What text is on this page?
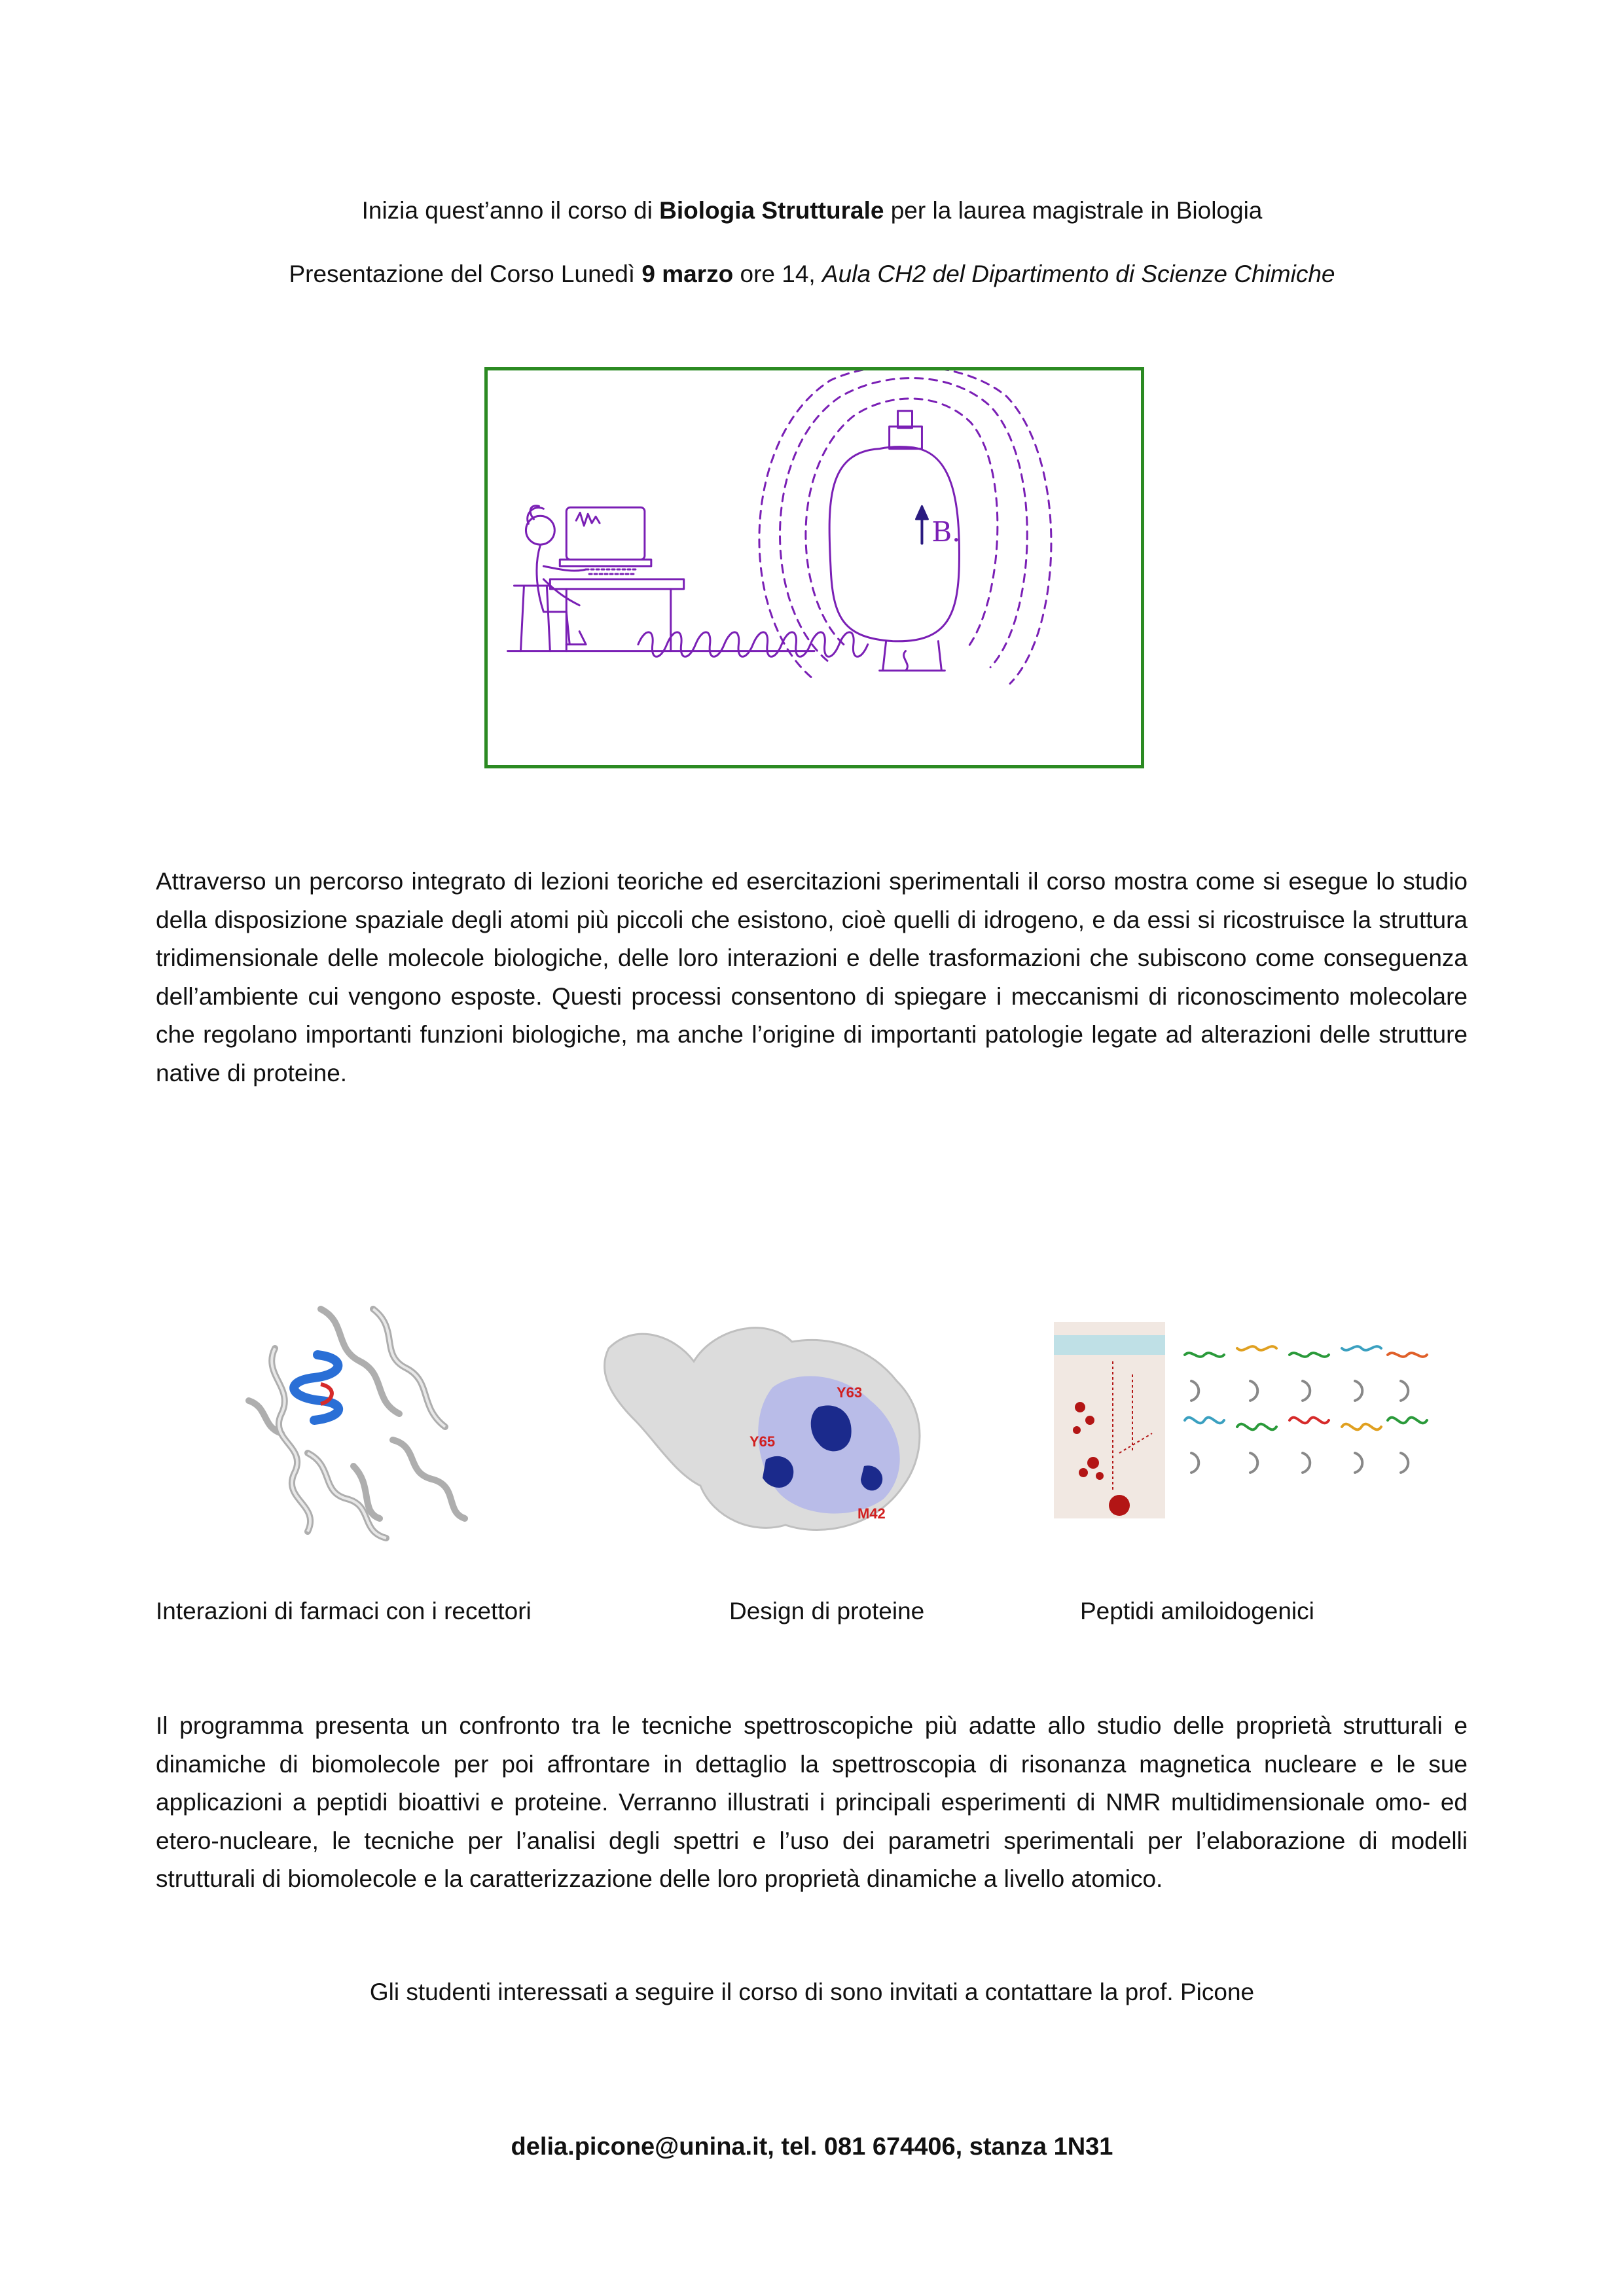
Inizia quest’anno il corso di Biologia Strutturale per la laurea magistrale in Biologia
Presentazione del Corso Lunedì 9 marzo ore 14, Aula CH2 del Dipartimento di Scienze Chimiche
B.

Attraverso un percorso integrato di lezioni teoriche ed esercitazioni sperimentali il corso mostra come si esegue lo studio della disposizione spaziale degli atomi più piccoli che esistono, cioè quelli di idrogeno, e da essi si ricostruisce la struttura tridimensionale delle molecole biologiche, delle loro interazioni e delle trasformazioni che subiscono come conseguenza dell’ambiente cui vengono esposte. Questi processi consentono di spiegare i meccanismi di riconoscimento molecolare che regolano importanti funzioni biologiche, ma anche l’origine di importanti patologie legate ad alterazioni delle strutture native di proteine.

Y63
Y65
M42
Interazioni di farmaci con i recettori	Design di proteine	Peptidi amiloidogenici

Il programma presenta un confronto tra le tecniche spettroscopiche più adatte allo studio delle proprietà strutturali e dinamiche di biomolecole per poi affrontare in dettaglio la spettroscopia di risonanza magnetica nucleare e le sue applicazioni a peptidi bioattivi e proteine. Verranno illustrati i principali esperimenti di NMR multidimensionale omo- ed etero-nucleare, le tecniche per l’analisi degli spettri e l’uso dei parametri sperimentali per l’elaborazione di modelli strutturali di biomolecole e la caratterizzazione delle loro proprietà dinamiche a livello atomico.

Gli studenti interessati a seguire il corso di sono invitati a contattare la prof. Picone
delia.picone@unina.it, tel. 081 674406, stanza 1N31
